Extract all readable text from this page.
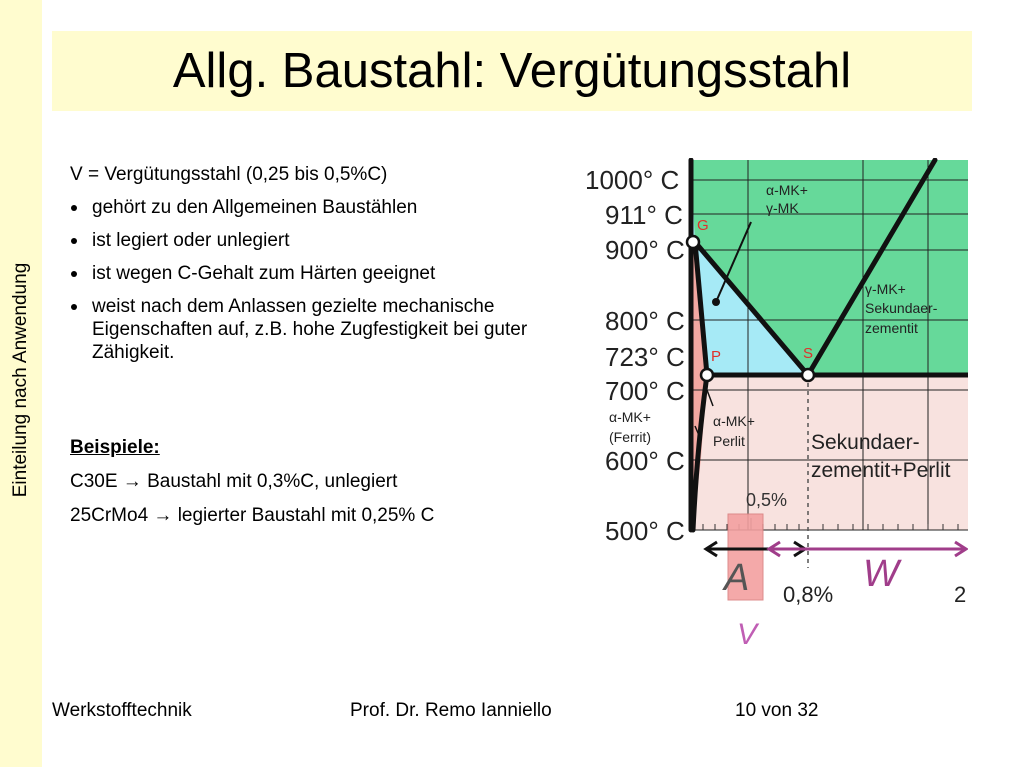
Einteilung nach Anwendung
Allg. Baustahl: Vergütungsstahl

V = Vergütungsstahl (0,25 bis 0,5%C)

gehört zu den Allgemeinen Baustählen
ist legiert oder unlegiert
ist wegen C-Gehalt zum Härten geeignet
weist nach dem Anlassen gezielte mechanische Eigenschaften auf, z.B. hohe Zugfestigkeit bei guter Zähigkeit.
Beispiele:
C30E → Baustahl mit 0,3%C, unlegiert
25CrMo4 → legierter Baustahl mit 0,25% C
G
P	S
1000° C
911° C
900° C
800° C
723° C
700° C
600° C
500° C
α-MK+
γ-MK
γ-MK+
Sekundaer-
zementit
α-MK+
(Ferrit)
α-MK+
Perlit	Sekundaer-
zementit+Perlit
0,5%
A	W
V
0,8%	2
Werkstofftechnik	Prof. Dr. Remo Ianniello	10 von 32
